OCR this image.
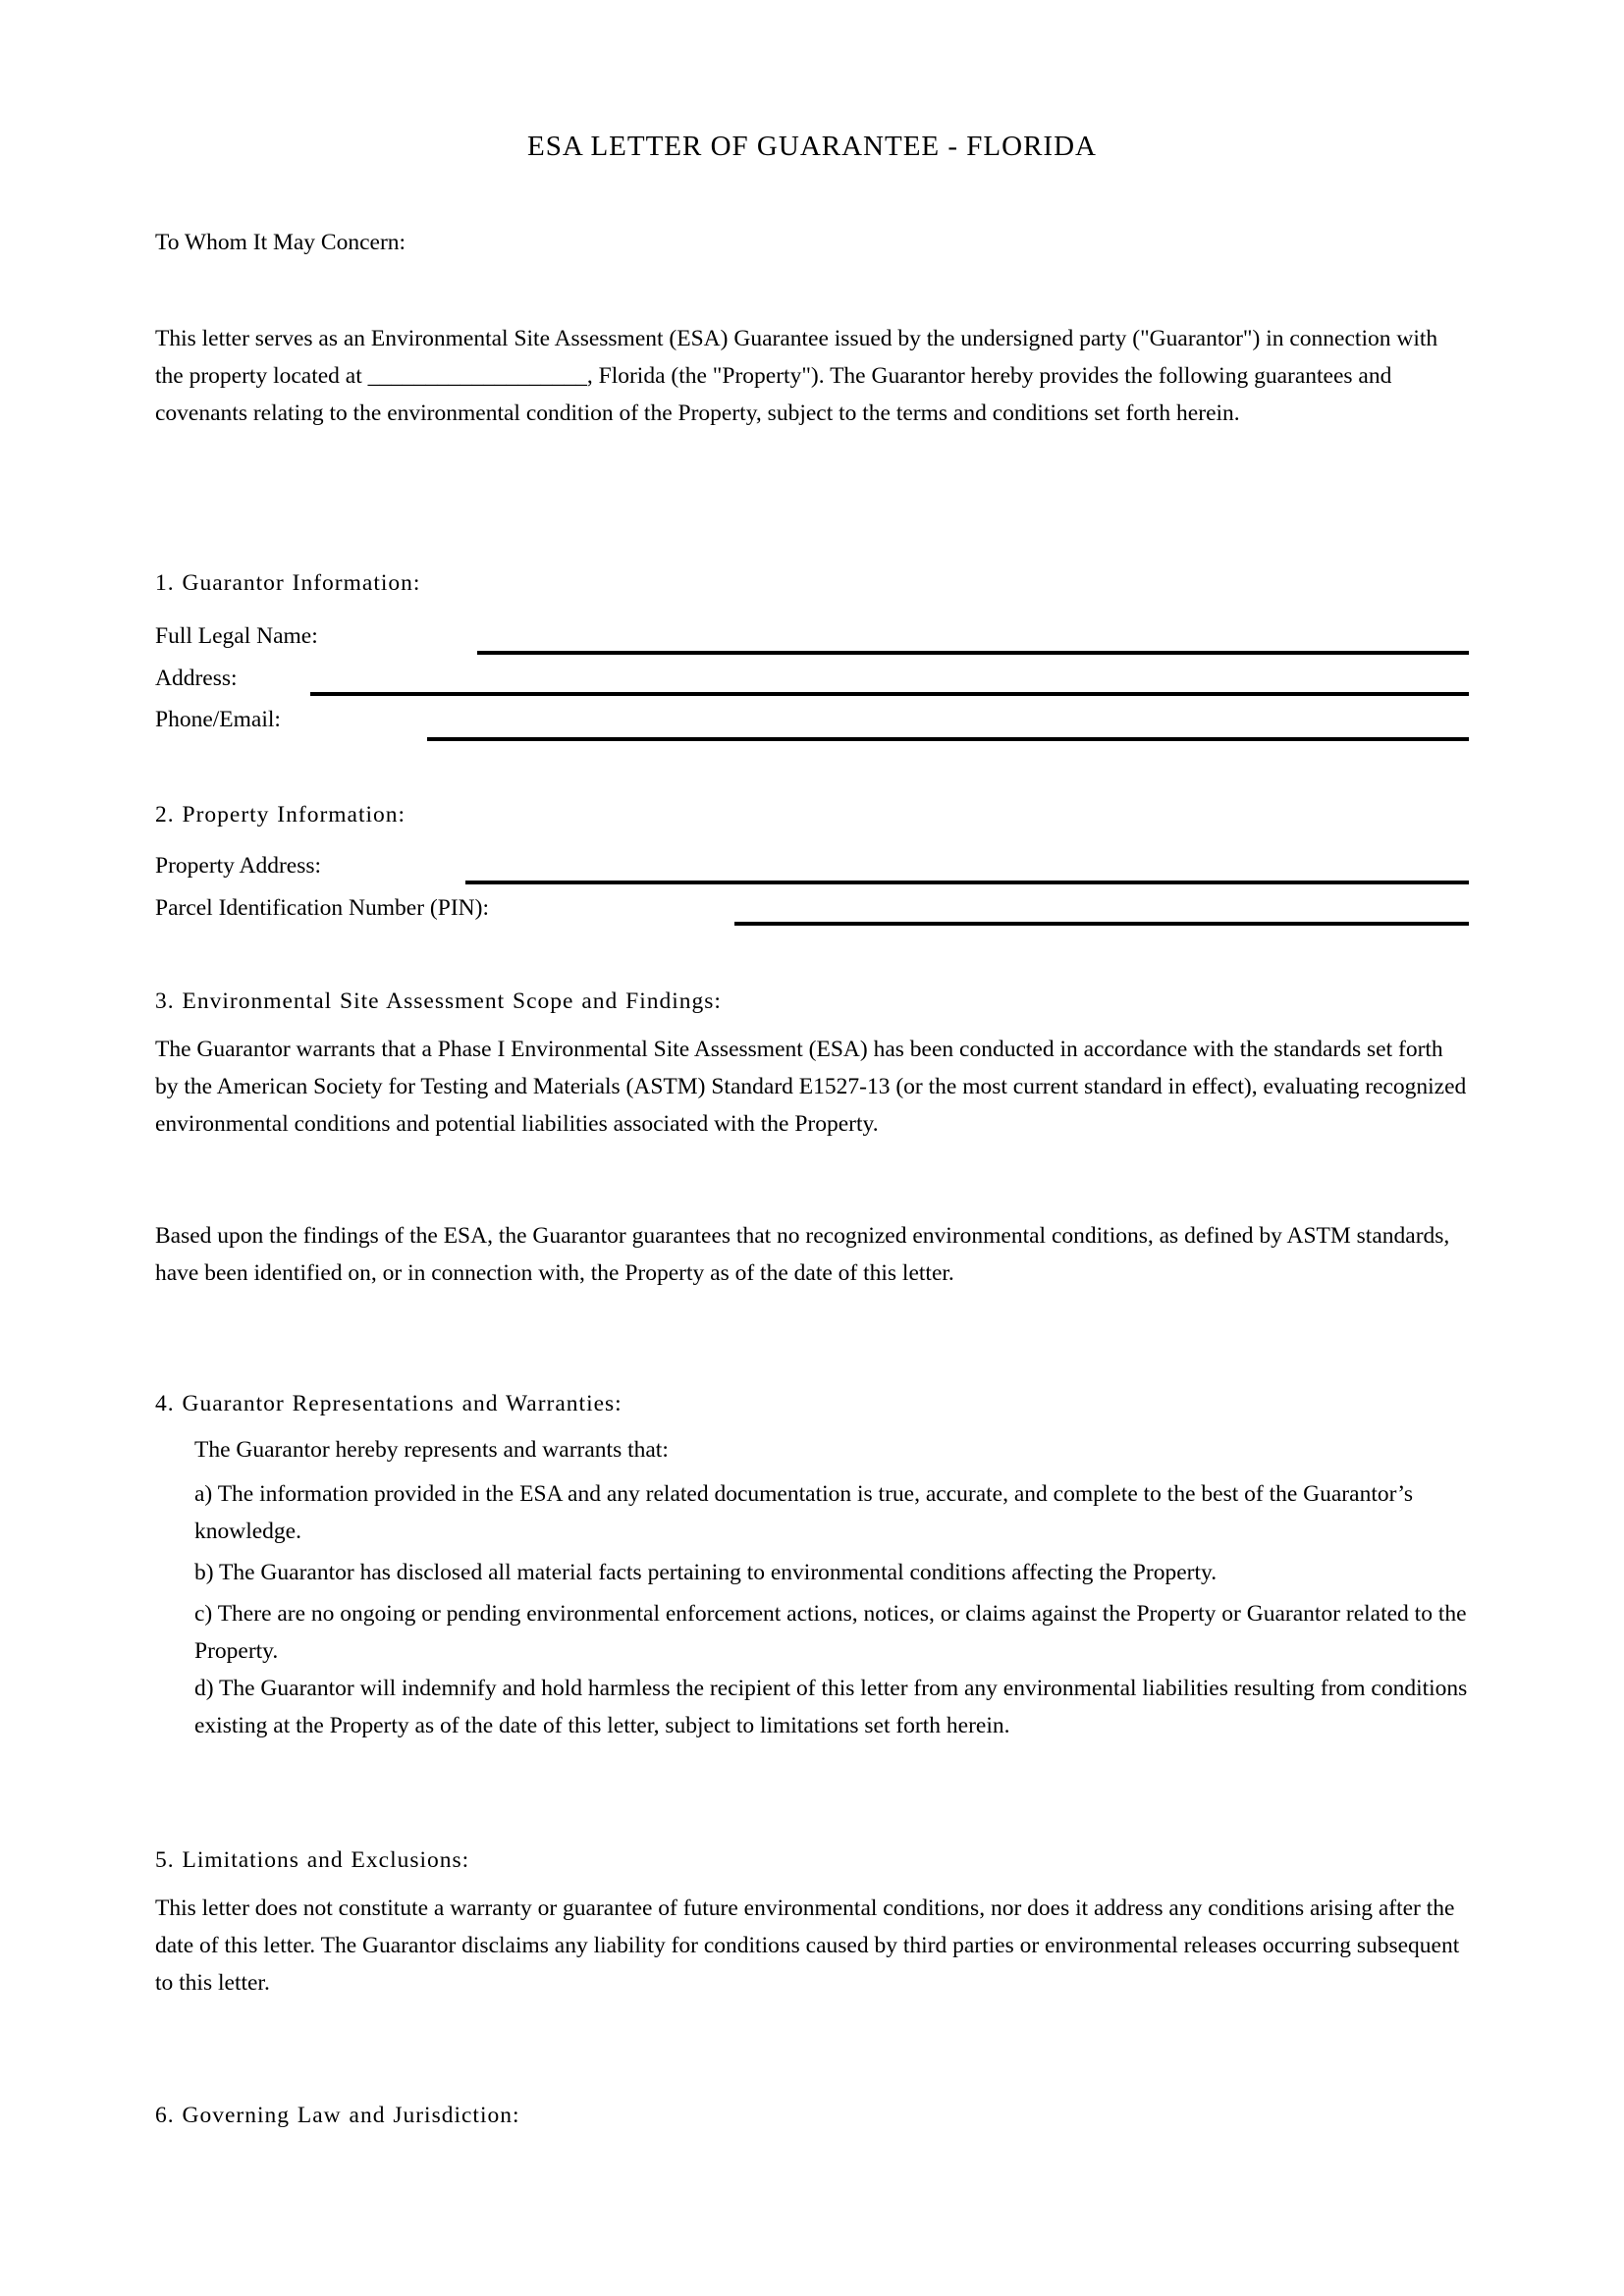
ESA LETTER OF GUARANTEE - FLORIDA
To Whom It May Concern:
This letter serves as an Environmental Site Assessment (ESA) Guarantee issued by the undersigned party ("Guarantor") in connection with the property located at ___________________, Florida (the "Property"). The Guarantor hereby provides the following guarantees and covenants relating to the environmental condition of the Property, subject to the terms and conditions set forth herein.
1. Guarantor Information:
Full Legal Name:
Address:
Phone/Email:
2. Property Information:
Property Address:
Parcel Identification Number (PIN):
3. Environmental Site Assessment Scope and Findings:
The Guarantor warrants that a Phase I Environmental Site Assessment (ESA) has been conducted in accordance with the standards set forth by the American Society for Testing and Materials (ASTM) Standard E1527-13 (or the most current standard in effect), evaluating recognized environmental conditions and potential liabilities associated with the Property.
Based upon the findings of the ESA, the Guarantor guarantees that no recognized environmental conditions, as defined by ASTM standards, have been identified on, or in connection with, the Property as of the date of this letter.
4. Guarantor Representations and Warranties:
The Guarantor hereby represents and warrants that:
a) The information provided in the ESA and any related documentation is true, accurate, and complete to the best of the Guarantor’s knowledge.
b) The Guarantor has disclosed all material facts pertaining to environmental conditions affecting the Property.
c) There are no ongoing or pending environmental enforcement actions, notices, or claims against the Property or Guarantor related to the Property.
d) The Guarantor will indemnify and hold harmless the recipient of this letter from any environmental liabilities resulting from conditions existing at the Property as of the date of this letter, subject to limitations set forth herein.
5. Limitations and Exclusions:
This letter does not constitute a warranty or guarantee of future environmental conditions, nor does it address any conditions arising after the date of this letter. The Guarantor disclaims any liability for conditions caused by third parties or environmental releases occurring subsequent to this letter.
6. Governing Law and Jurisdiction:
